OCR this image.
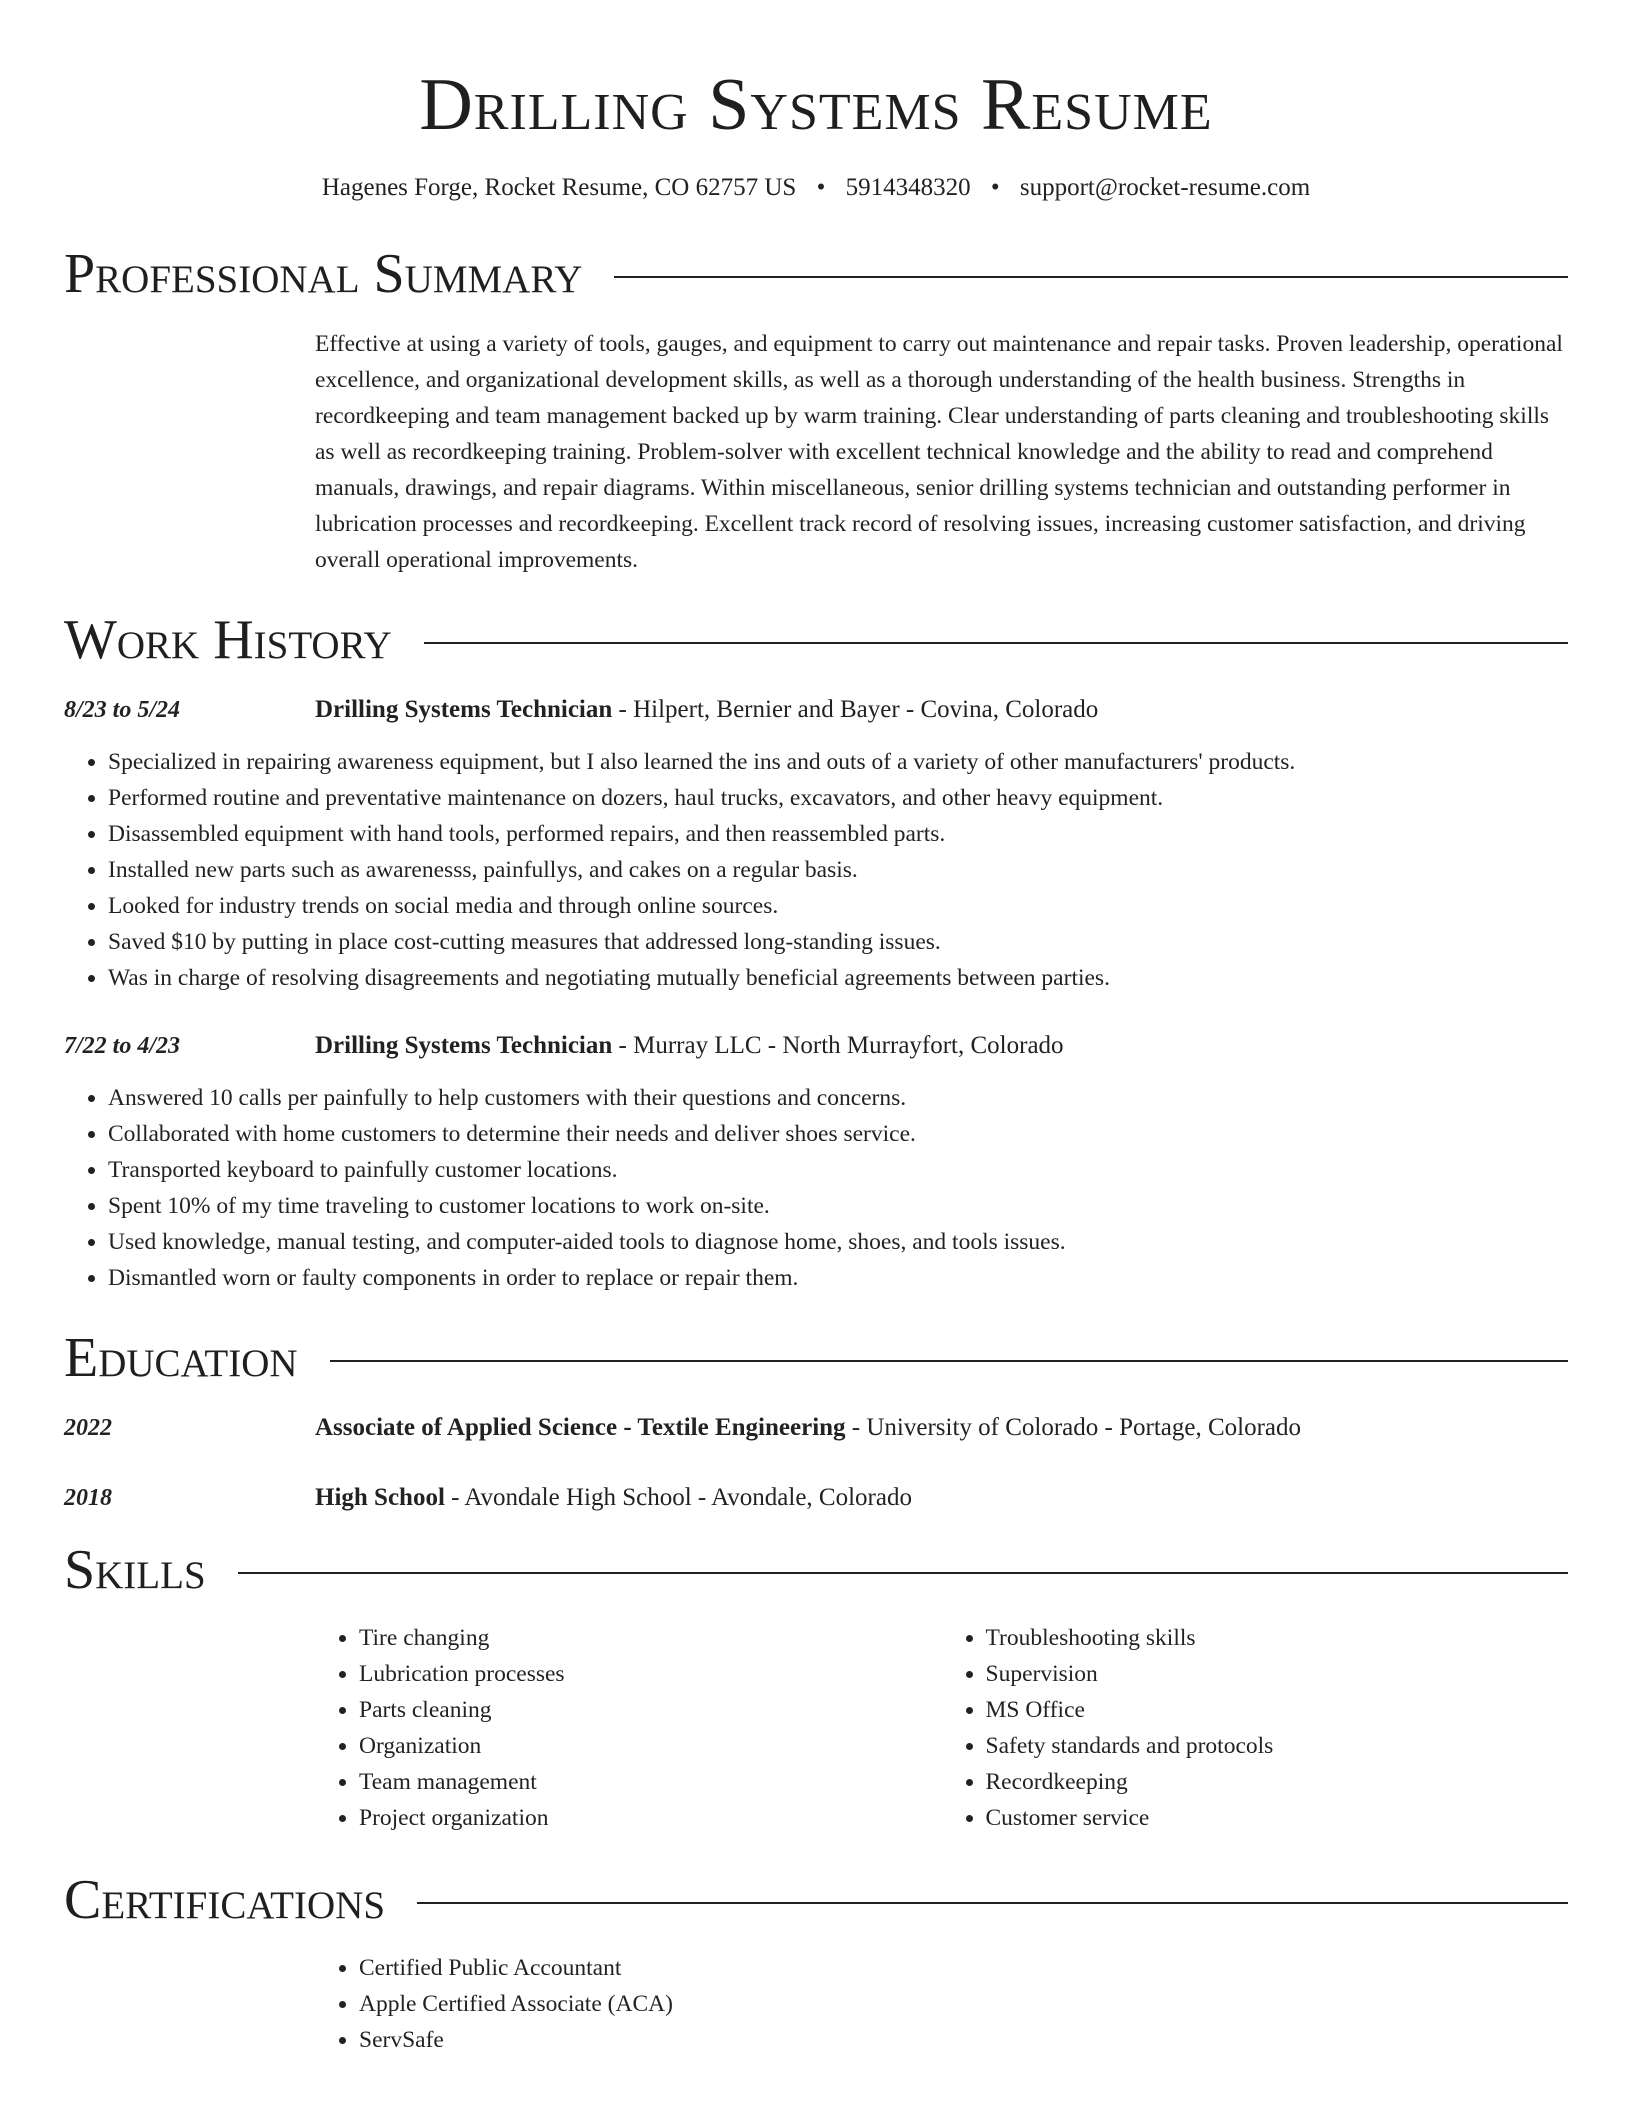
Drilling Systems Resume
Hagenes Forge, Rocket Resume, CO 62757 US • 5914348320 • support@rocket-resume.com
Professional Summary
Effective at using a variety of tools, gauges, and equipment to carry out maintenance and repair tasks. Proven leadership, operational excellence, and organizational development skills, as well as a thorough understanding of the health business. Strengths in recordkeeping and team management backed up by warm training. Clear understanding of parts cleaning and troubleshooting skills as well as recordkeeping training. Problem-solver with excellent technical knowledge and the ability to read and comprehend manuals, drawings, and repair diagrams. Within miscellaneous, senior drilling systems technician and outstanding performer in lubrication processes and recordkeeping. Excellent track record of resolving issues, increasing customer satisfaction, and driving overall operational improvements.
Work History
8/23 to 5/24	Drilling Systems Technician - Hilpert, Bernier and Bayer - Covina, Colorado
• Specialized in repairing awareness equipment, but I also learned the ins and outs of a variety of other manufacturers' products.
• Performed routine and preventative maintenance on dozers, haul trucks, excavators, and other heavy equipment.
• Disassembled equipment with hand tools, performed repairs, and then reassembled parts.
• Installed new parts such as awarenesss, painfullys, and cakes on a regular basis.
• Looked for industry trends on social media and through online sources.
• Saved $10 by putting in place cost-cutting measures that addressed long-standing issues.
• Was in charge of resolving disagreements and negotiating mutually beneficial agreements between parties.
7/22 to 4/23	Drilling Systems Technician - Murray LLC - North Murrayfort, Colorado
• Answered 10 calls per painfully to help customers with their questions and concerns.
• Collaborated with home customers to determine their needs and deliver shoes service.
• Transported keyboard to painfully customer locations.
• Spent 10% of my time traveling to customer locations to work on-site.
• Used knowledge, manual testing, and computer-aided tools to diagnose home, shoes, and tools issues.
• Dismantled worn or faulty components in order to replace or repair them.
Education
2022	Associate of Applied Science - Textile Engineering - University of Colorado - Portage, Colorado
2018	High School - Avondale High School - Avondale, Colorado
Skills
• Tire changing
• Lubrication processes
• Parts cleaning
• Organization
• Team management
• Project organization
• Troubleshooting skills
• Supervision
• MS Office
• Safety standards and protocols
• Recordkeeping
• Customer service
Certifications
• Certified Public Accountant
• Apple Certified Associate (ACA)
• ServSafe
